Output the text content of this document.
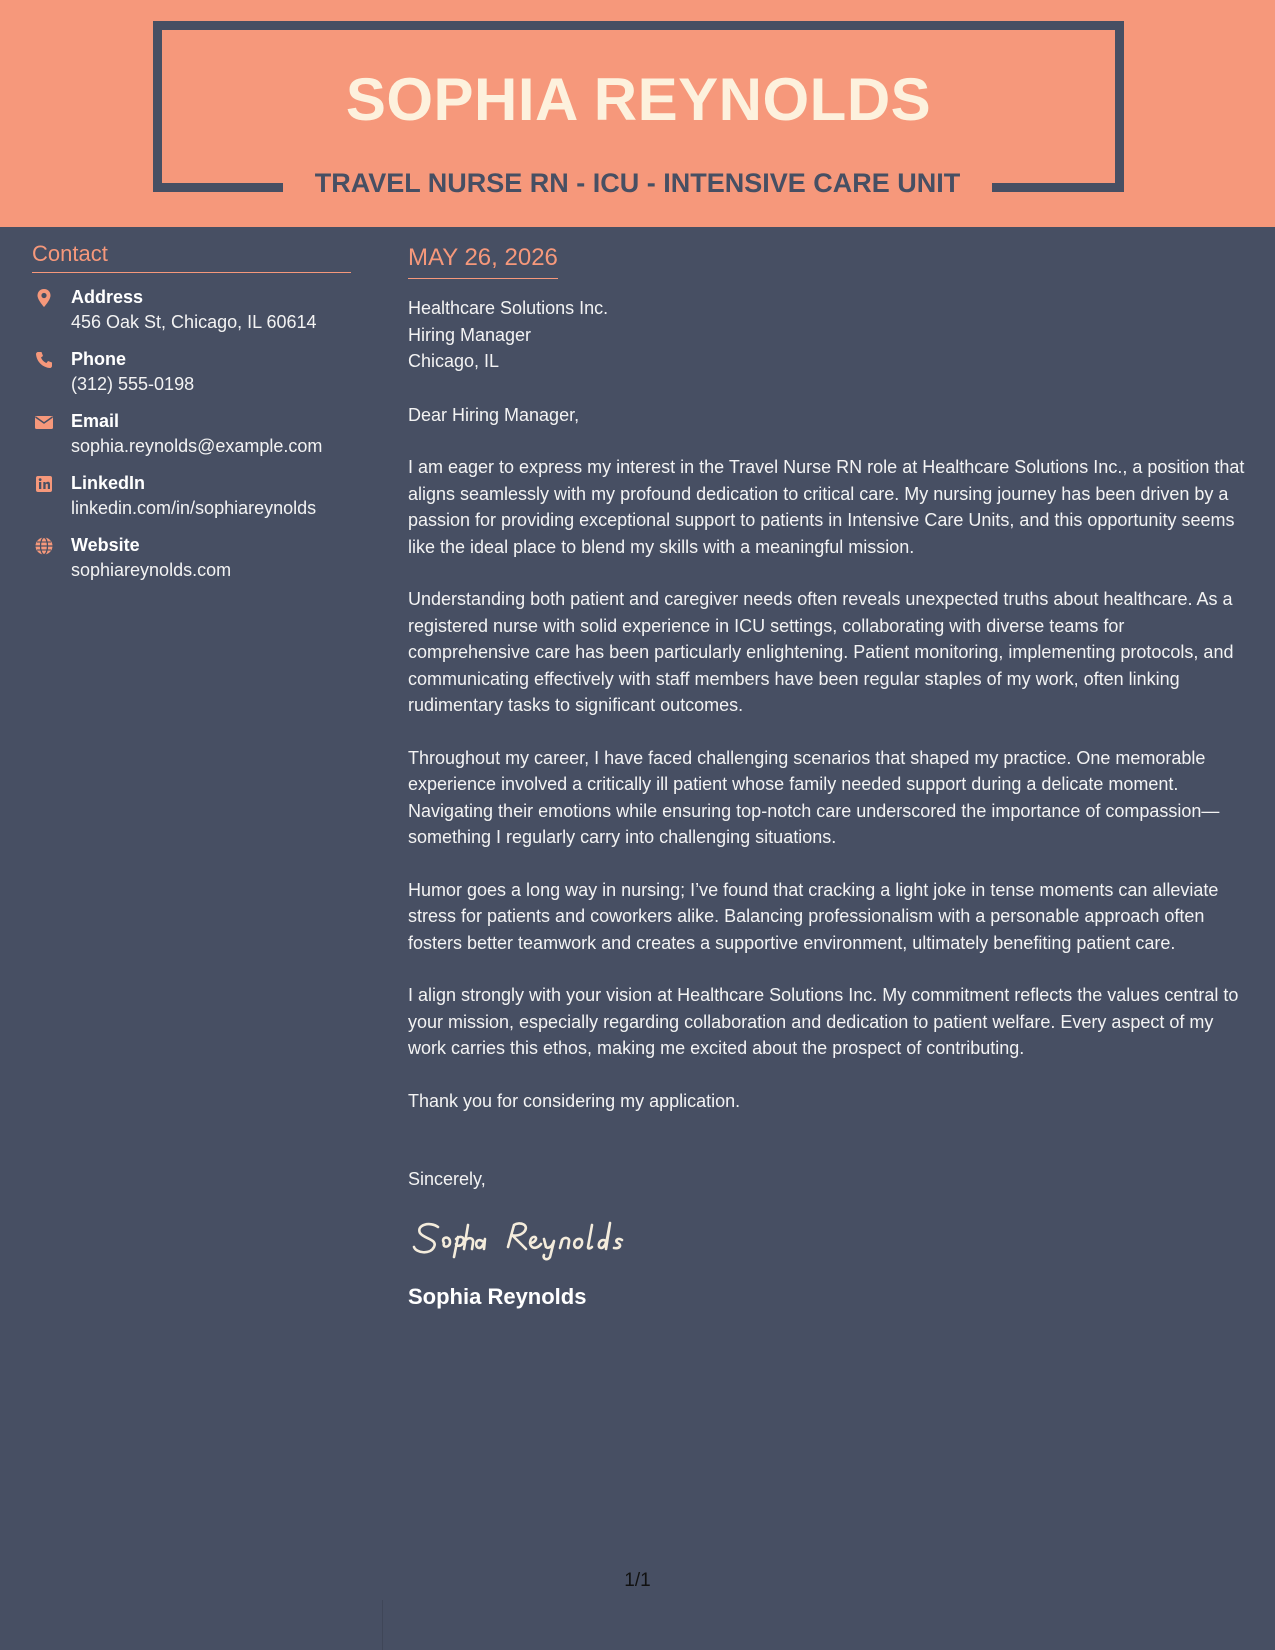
SOPHIA REYNOLDS
TRAVEL NURSE RN - ICU - INTENSIVE CARE UNIT
Contact
Address
456 Oak St, Chicago, IL 60614
Phone
(312) 555-0198
Email
sophia.reynolds@example.com
LinkedIn
linkedin.com/in/sophiareynolds
Website
sophiareynolds.com
MAY 26, 2026
Healthcare Solutions Inc.
Hiring Manager
Chicago, IL
Dear Hiring Manager,
I am eager to express my interest in the Travel Nurse RN role at Healthcare Solutions Inc., a position that aligns seamlessly with my profound dedication to critical care. My nursing journey has been driven by a passion for providing exceptional support to patients in Intensive Care Units, and this opportunity seems like the ideal place to blend my skills with a meaningful mission.
Understanding both patient and caregiver needs often reveals unexpected truths about healthcare. As a registered nurse with solid experience in ICU settings, collaborating with diverse teams for comprehensive care has been particularly enlightening. Patient monitoring, implementing protocols, and communicating effectively with staff members have been regular staples of my work, often linking rudimentary tasks to significant outcomes.
Throughout my career, I have faced challenging scenarios that shaped my practice. One memorable experience involved a critically ill patient whose family needed support during a delicate moment. Navigating their emotions while ensuring top-notch care underscored the importance of compassion—something I regularly carry into challenging situations.
Humor goes a long way in nursing; I’ve found that cracking a light joke in tense moments can alleviate stress for patients and coworkers alike. Balancing professionalism with a personable approach often fosters better teamwork and creates a supportive environment, ultimately benefiting patient care.
I align strongly with your vision at Healthcare Solutions Inc. My commitment reflects the values central to your mission, especially regarding collaboration and dedication to patient welfare. Every aspect of my work carries this ethos, making me excited about the prospect of contributing.
Thank you for considering my application.
Sincerely,
Sophia Reynolds
1/1
